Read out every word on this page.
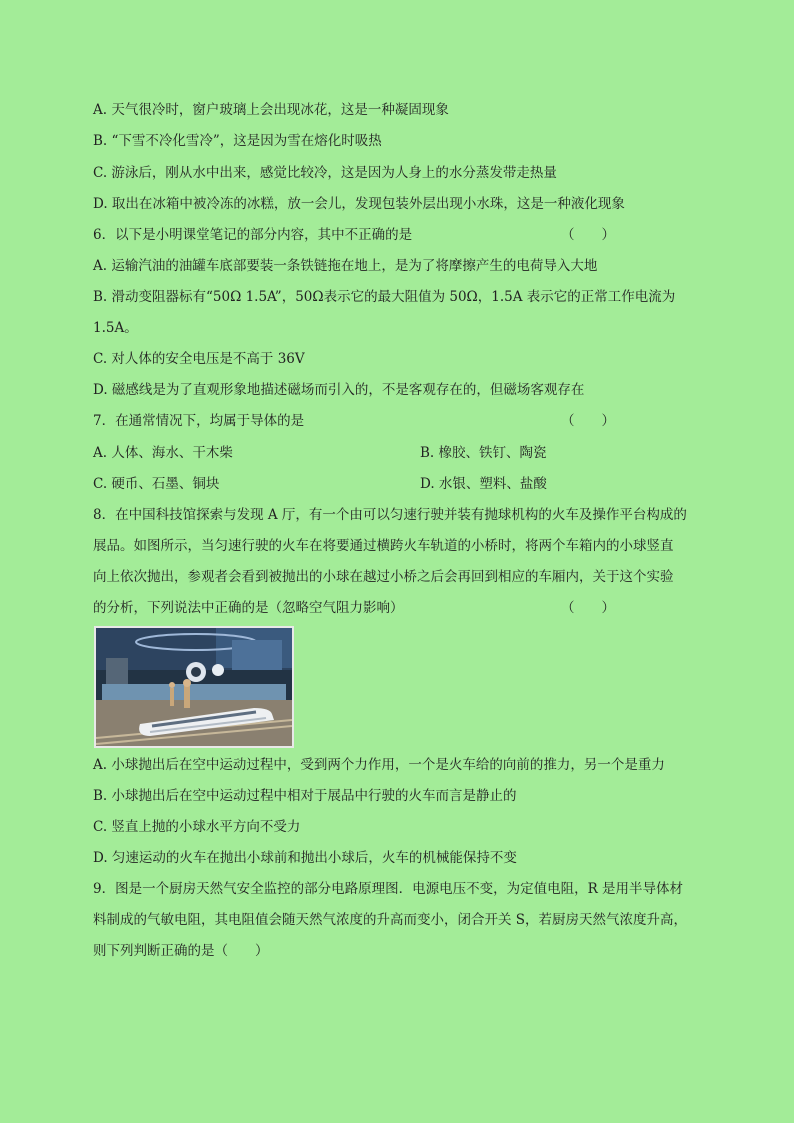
A. 天气很冷时，窗户玻璃上会出现冰花，这是一种凝固现象
B. “下雪不冷化雪冷”，这是因为雪在熔化时吸热
C. 游泳后，刚从水中出来，感觉比较冷，这是因为人身上的水分蒸发带走热量
D. 取出在冰箱中被冷冻的冰糕，放一会儿，发现包装外层出现小水珠，这是一种液化现象
6．以下是小明课堂笔记的部分内容，其中不正确的是	（　　）
A. 运输汽油的油罐车底部要装一条铁链拖在地上，是为了将摩擦产生的电荷导入大地
B. 滑动变阻器标有“50Ω 1.5A”，50Ω表示它的最大阻值为 50Ω，1.5A 表示它的正常工作电流为
1.5A。
C. 对人体的安全电压是不高于 36V
D. 磁感线是为了直观形象地描述磁场而引入的，不是客观存在的，但磁场客观存在
7．在通常情况下，均属于导体的是	（　　）
A. 人体、海水、干木柴	B. 橡胶、铁钉、陶瓷
C. 硬币、石墨、铜块	D. 水银、塑料、盐酸
8．在中国科技馆探索与发现 A 厅，有一个由可以匀速行驶并装有抛球机构的火车及操作平台构成的
展品。如图所示，当匀速行驶的火车在将要通过横跨火车轨道的小桥时，将两个车箱内的小球竖直
向上依次抛出，参观者会看到被抛出的小球在越过小桥之后会再回到相应的车厢内，关于这个实验
的分析，下列说法中正确的是（忽略空气阻力影响）	（　　）
A. 小球抛出后在空中运动过程中，受到两个力作用，一个是火车给的向前的推力，另一个是重力
B. 小球抛出后在空中运动过程中相对于展品中行驶的火车而言是静止的
C. 竖直上抛的小球水平方向不受力
D. 匀速运动的火车在抛出小球前和抛出小球后，火车的机械能保持不变
9．图是一个厨房天然气安全监控的部分电路原理图．电源电压不变，为定值电阻，R 是用半导体材
料制成的气敏电阻，其电阻值会随天然气浓度的升高而变小，闭合开关 S，若厨房天然气浓度升高，
则下列判断正确的是（　　）
